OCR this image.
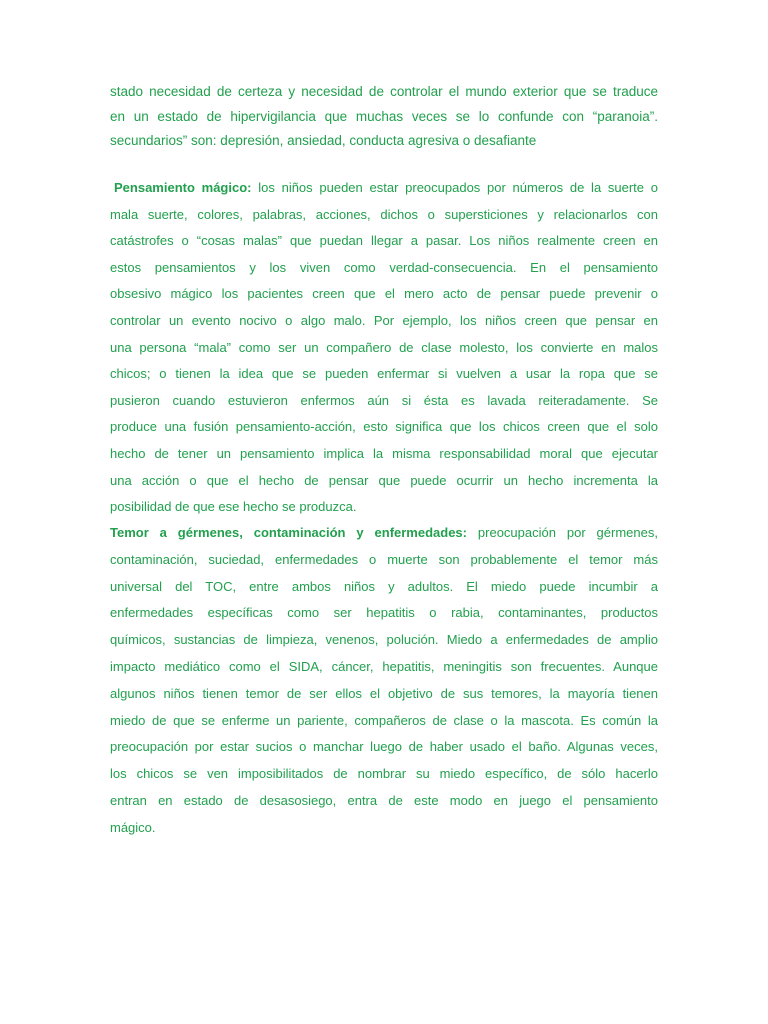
stado necesidad de certeza y necesidad de controlar el mundo exterior que se traduce
en un estado de hipervigilancia que muchas veces se lo confunde con “paranoia”.
secundarios” son: depresión, ansiedad, conducta agresiva o desafiante
Pensamiento mágico: los niños pueden estar preocupados por números de la suerte o
mala suerte, colores, palabras, acciones, dichos o supersticiones y relacionarlos con
catástrofes o “cosas malas” que puedan llegar a pasar. Los niños realmente creen en
estos pensamientos y los viven como verdad-consecuencia. En el pensamiento
obsesivo mágico los pacientes creen que el mero acto de pensar puede prevenir o
controlar un evento nocivo o algo malo. Por ejemplo, los niños creen que pensar en
una persona “mala” como ser un compañero de clase molesto, los convierte en malos
chicos; o tienen la idea que se pueden enfermar si vuelven a usar la ropa que se
pusieron cuando estuvieron enfermos aún si ésta es lavada reiteradamente. Se
produce una fusión pensamiento-acción, esto significa que los chicos creen que el solo
hecho de tener un pensamiento implica la misma responsabilidad moral que ejecutar
una acción o que el hecho de pensar que puede ocurrir un hecho incrementa la
posibilidad de que ese hecho se produzca.
Temor a gérmenes, contaminación y enfermedades: preocupación por gérmenes,
contaminación, suciedad, enfermedades o muerte son probablemente el temor más
universal del TOC, entre ambos niños y adultos. El miedo puede incumbir a
enfermedades específicas como ser hepatitis o rabia, contaminantes, productos
químicos, sustancias de limpieza, venenos, polución. Miedo a enfermedades de amplio
impacto mediático como el SIDA, cáncer, hepatitis, meningitis son frecuentes. Aunque
algunos niños tienen temor de ser ellos el objetivo de sus temores, la mayoría tienen
miedo de que se enferme un pariente, compañeros de clase o la mascota. Es común la
preocupación por estar sucios o manchar luego de haber usado el baño. Algunas veces,
los chicos se ven imposibilitados de nombrar su miedo específico, de sólo hacerlo
entran en estado de desasosiego, entra de este modo en juego el pensamiento
mágico.
